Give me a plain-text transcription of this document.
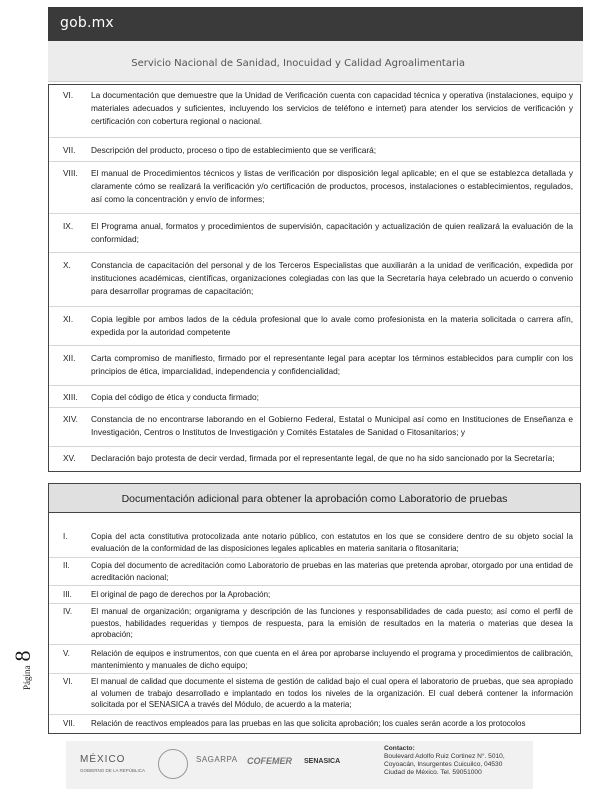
gob.mx
Servicio Nacional de Sanidad, Inocuidad y Calidad Agroalimentaria
VI.	La documentación que demuestre que la Unidad de Verificación cuenta con capacidad técnica y operativa (instalaciones, equipo y materiales adecuados y suficientes, incluyendo los servicios de teléfono e internet) para atender los servicios de verificación y certificación con cobertura regional o nacional.
VII.	Descripción del producto, proceso o tipo de establecimiento que se verificará;
VIII.	El manual de Procedimientos técnicos y listas de verificación por disposición legal aplicable; en el que se establezca detallada y claramente cómo se realizará la verificación y/o certificación de productos, procesos, instalaciones o establecimientos, regulados, así como la concentración y envío de informes;
IX.	El Programa anual, formatos y procedimientos de supervisión, capacitación y actualización de quien realizará la evaluación de la conformidad;
X.	Constancia de capacitación del personal y de los Terceros Especialistas que auxiliarán a la unidad de verificación, expedida por instituciones académicas, científicas, organizaciones colegiadas con las que la Secretaría haya celebrado un acuerdo o convenio para desarrollar programas de capacitación;
XI.	Copia legible por ambos lados de la cédula profesional que lo avale como profesionista en la materia solicitada o carrera afín, expedida por la autoridad competente
XII.	Carta compromiso de manifiesto, firmado por el representante legal para aceptar los términos establecidos para cumplir con los principios de ética, imparcialidad, independencia y confidencialidad;
XIII.	Copia del código de ética y conducta firmado;
XIV.	Constancia de no encontrarse laborando en el Gobierno Federal, Estatal o Municipal así como en Instituciones de Enseñanza e Investigación, Centros o Institutos de Investigación y Comités Estatales de Sanidad o Fitosanitarios; y
XV.	Declaración bajo protesta de decir verdad, firmada por el representante legal, de que no ha sido sancionado por la Secretaría;
Documentación adicional para obtener la aprobación como Laboratorio de pruebas
I.	Copia del acta constitutiva protocolizada ante notario público, con estatutos en los que se considere dentro de su objeto social la evaluación de la conformidad de las disposiciones legales aplicables en materia sanitaria o fitosanitaria;
II.	Copia del documento de acreditación como Laboratorio de pruebas en las materias que pretenda aprobar, otorgado por una entidad de acreditación nacional;
III.	El original de pago de derechos por la Aprobación;
IV.	El manual de organización; organigrama y descripción de las funciones y responsabilidades de cada puesto; así como el perfil de puestos, habilidades requeridas y tiempos de respuesta, para la emisión de resultados en la materia o materias que desea la aprobación;
V.	Relación de equipos e instrumentos, con que cuenta en el área por aprobarse incluyendo el programa y procedimientos de calibración, mantenimiento y manuales de dicho equipo;
VI.	El manual de calidad que documente el sistema de gestión de calidad bajo el cual opera el laboratorio de pruebas, que sea apropiado al volumen de trabajo desarrollado e implantado en todos los niveles de la organización. El cual deberá contener la información solicitada por el SENASICA a través del Módulo, de acuerdo a la materia;
VII.	Relación de reactivos empleados para las pruebas en las que solicita aprobación; los cuales serán acorde a los protocolos
Página 8
MÉXICO
GOBIERNO DE LA REPÚBLICA
SAGARPA COFEMER SENASICA
Contacto:
Boulevard Adolfo Ruiz Cortinez N°. 5010,
Coyoacán, Insurgentes Cuicuilco, 04530
Ciudad de México. Tel. 59051000
